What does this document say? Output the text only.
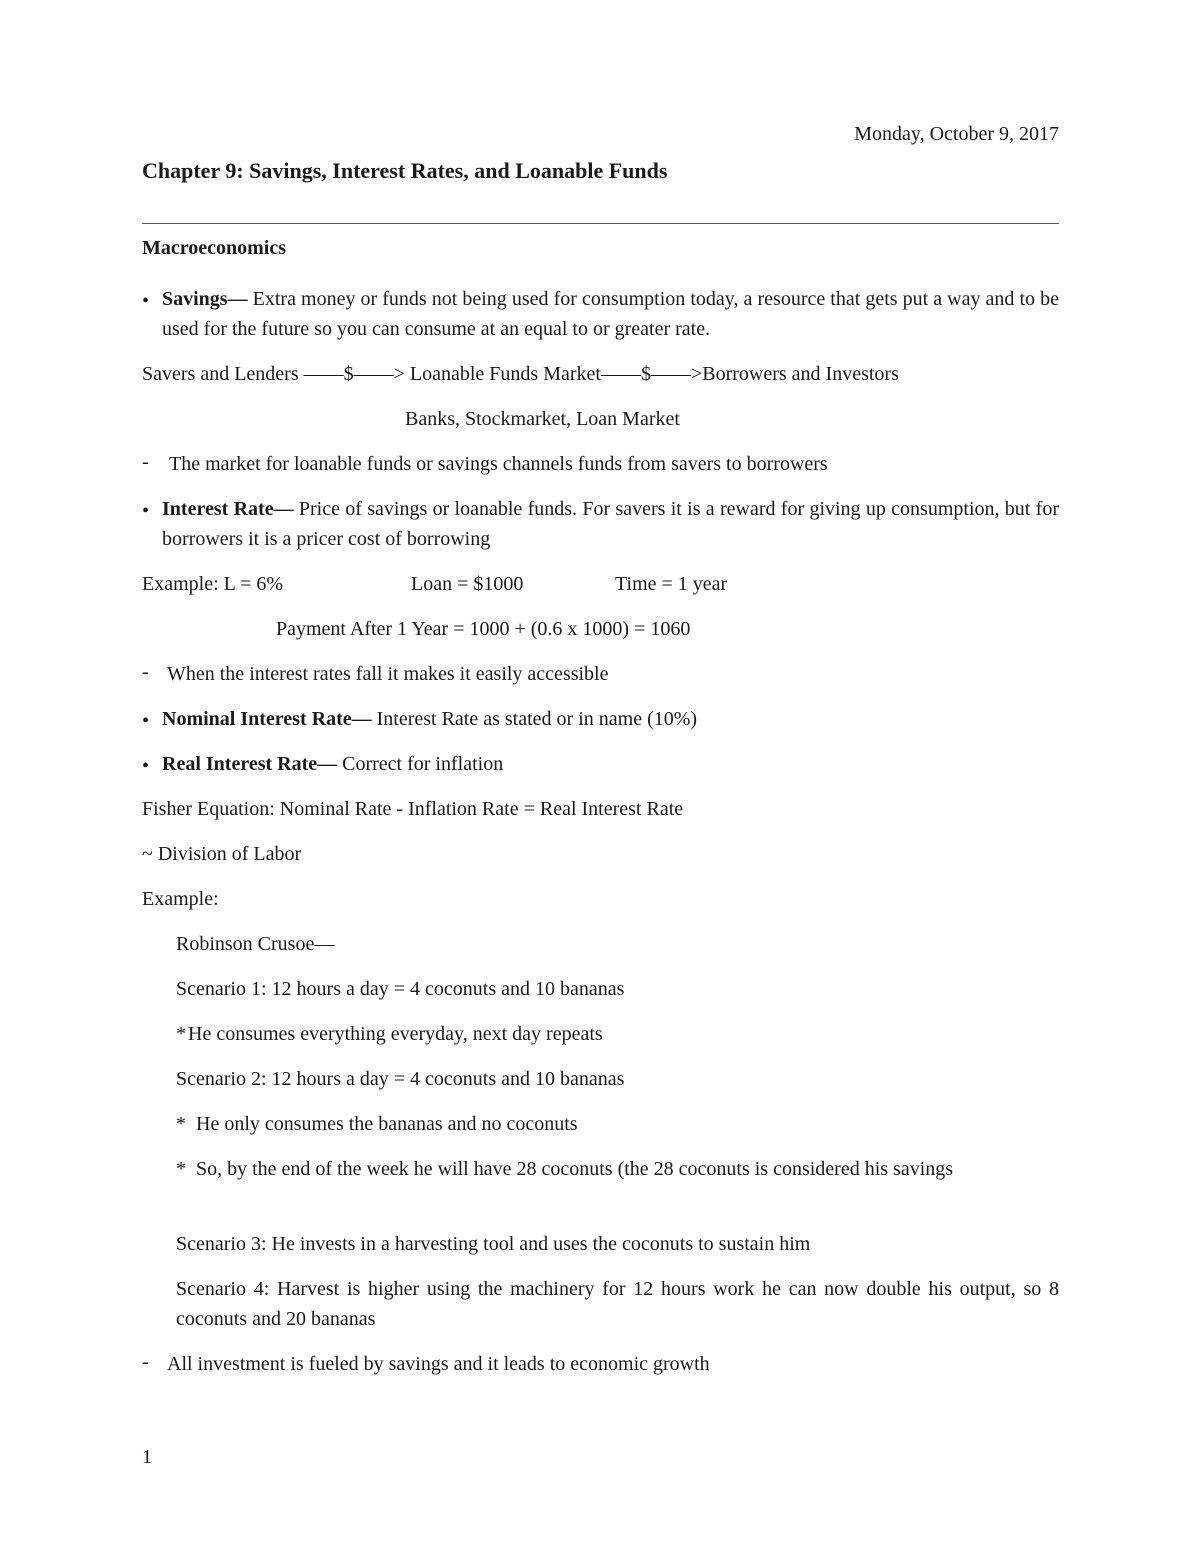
Monday, October 9, 2017
Chapter 9: Savings, Interest Rates, and Loanable Funds
Macroeconomics
• Savings— Extra money or funds not being used for consumption today, a resource that gets put a way and to be used for the future so you can consume at an equal to or greater rate.
Savers and Lenders ——$——> Loanable Funds Market——$——>Borrowers and Investors
Banks, Stockmarket, Loan Market
- The market for loanable funds or savings channels funds from savers to borrowers
• Interest Rate— Price of savings or loanable funds. For savers it is a reward for giving up consumption, but for borrowers it is a pricer cost of borrowing
Example: L = 6%	Loan = $1000	Time = 1 year
Payment After 1 Year = 1000 + (0.6 x 1000) = 1060
- When the interest rates fall it makes it easily accessible
• Nominal Interest Rate— Interest Rate as stated or in name (10%)
• Real Interest Rate— Correct for inflation
Fisher Equation: Nominal Rate - Inflation Rate = Real Interest Rate
~ Division of Labor
Example:
Robinson Crusoe—
Scenario 1: 12 hours a day = 4 coconuts and 10 bananas
* He consumes everything everyday, next day repeats
Scenario 2: 12 hours a day = 4 coconuts and 10 bananas
* He only consumes the bananas and no coconuts
* So, by the end of the week he will have 28 coconuts (the 28 coconuts is considered his savings
Scenario 3: He invests in a harvesting tool and uses the coconuts to sustain him
Scenario 4: Harvest is higher using the machinery for 12 hours work he can now double his output, so 8 coconuts and 20 bananas
- All investment is fueled by savings and it leads to economic growth
1
